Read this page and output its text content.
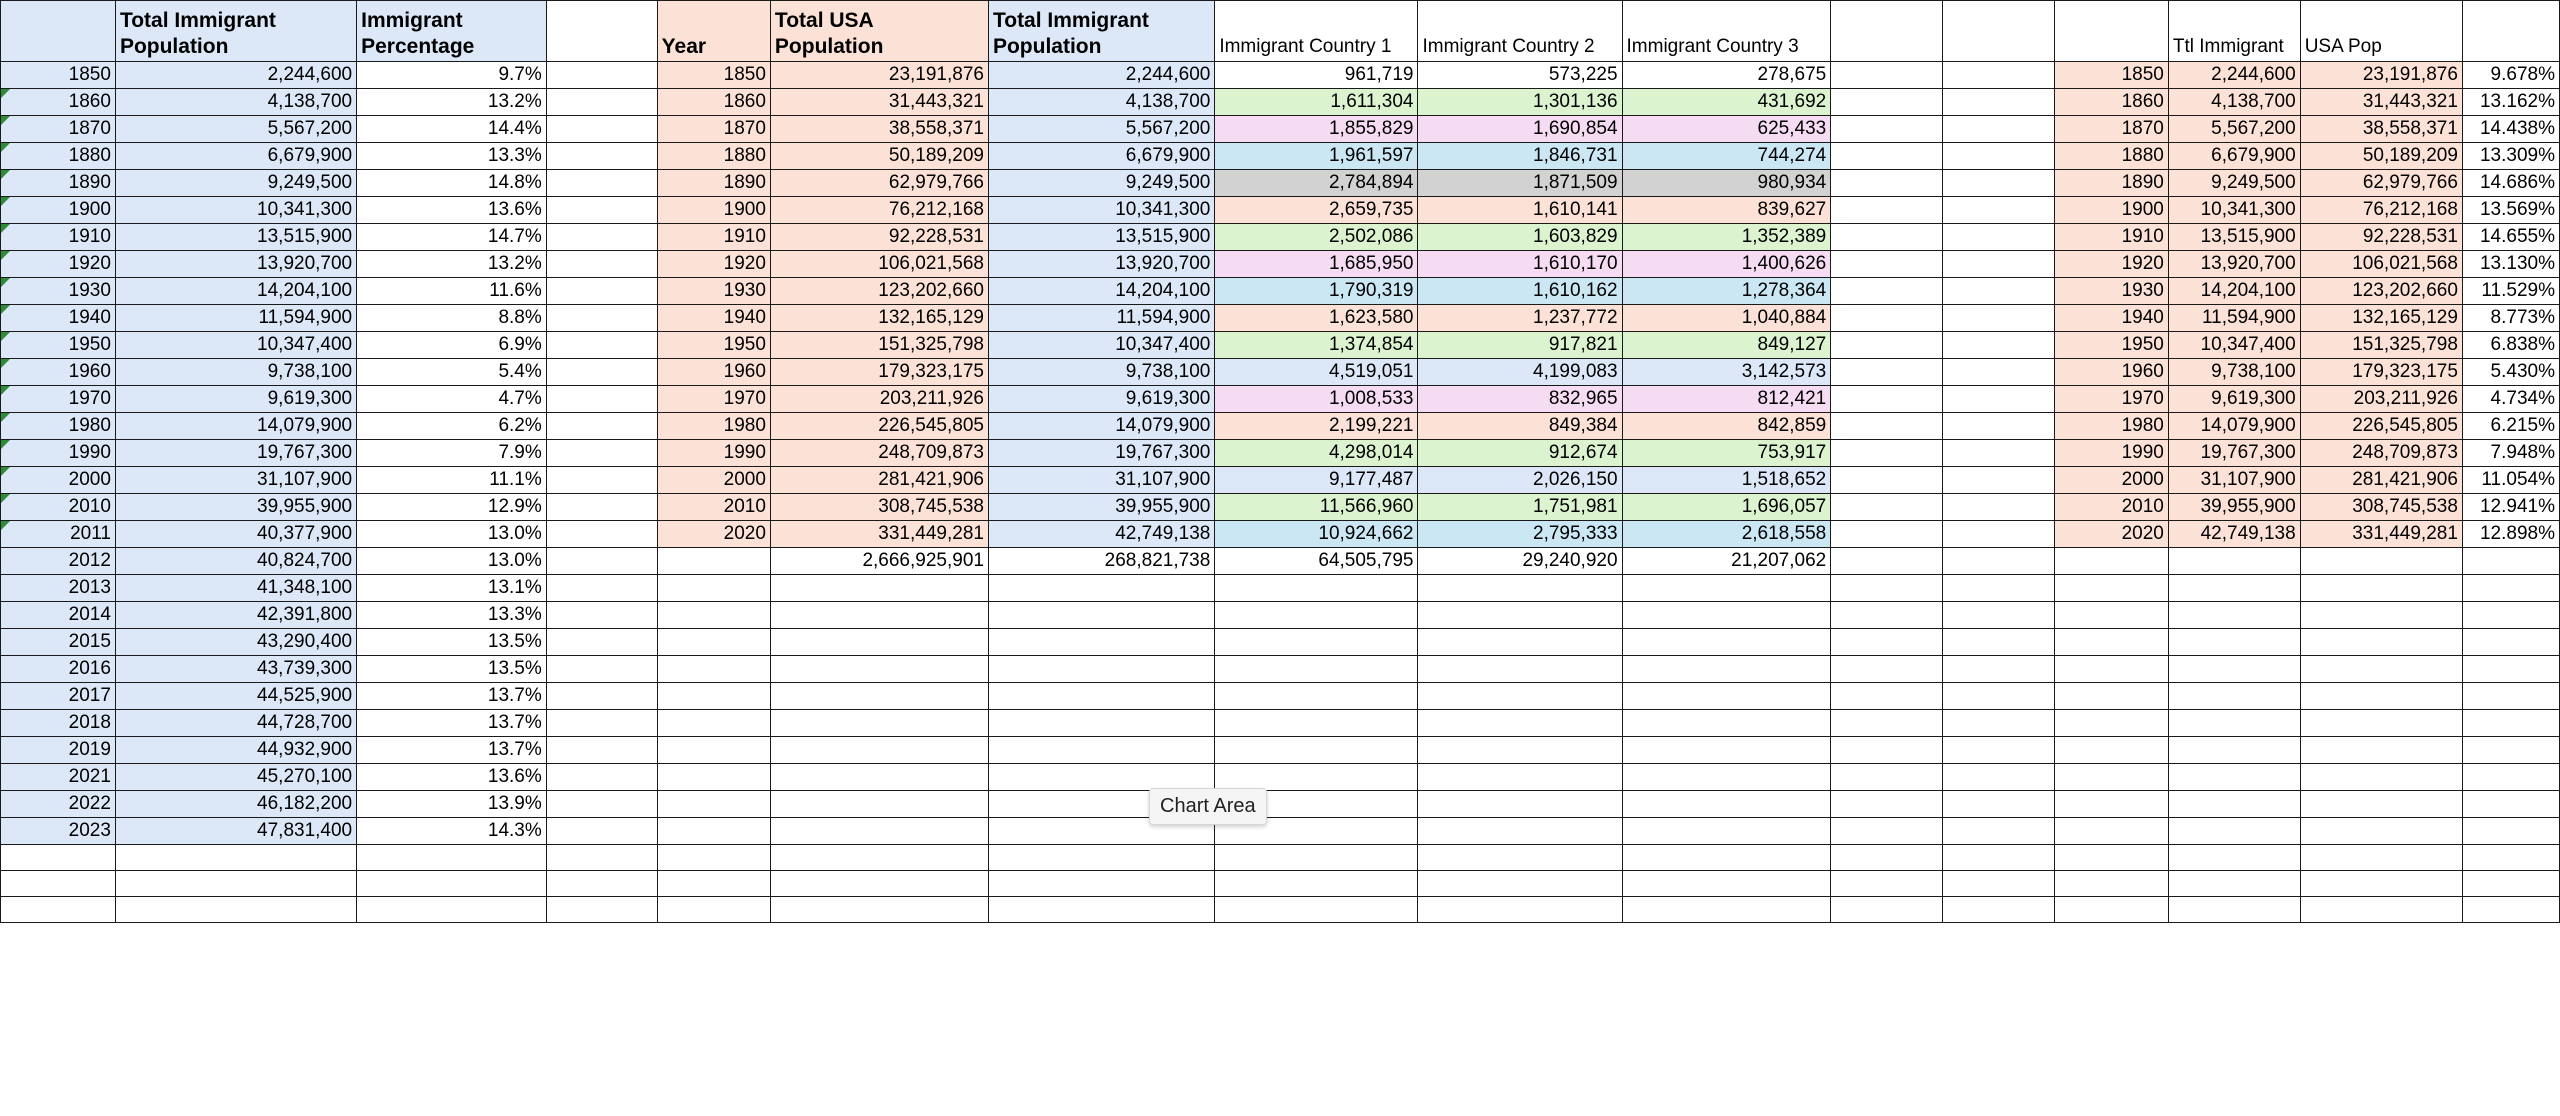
	Total Immigrant Population	Immigrant Percentage		Year	Total USA Population	Total Immigrant Population	Immigrant Country 1	Immigrant Country 2	Immigrant Country 3				Ttl Immigrant	USA Pop	
1850	2,244,600	9.7%		1850	23,191,876	2,244,600	961,719	573,225	278,675			1850	2,244,600	23,191,876	9.678%
1860	4,138,700	13.2%		1860	31,443,321	4,138,700	1,611,304	1,301,136	431,692			1860	4,138,700	31,443,321	13.162%
1870	5,567,200	14.4%		1870	38,558,371	5,567,200	1,855,829	1,690,854	625,433			1870	5,567,200	38,558,371	14.438%
1880	6,679,900	13.3%		1880	50,189,209	6,679,900	1,961,597	1,846,731	744,274			1880	6,679,900	50,189,209	13.309%
1890	9,249,500	14.8%		1890	62,979,766	9,249,500	2,784,894	1,871,509	980,934			1890	9,249,500	62,979,766	14.686%
1900	10,341,300	13.6%		1900	76,212,168	10,341,300	2,659,735	1,610,141	839,627			1900	10,341,300	76,212,168	13.569%
1910	13,515,900	14.7%		1910	92,228,531	13,515,900	2,502,086	1,603,829	1,352,389			1910	13,515,900	92,228,531	14.655%
1920	13,920,700	13.2%		1920	106,021,568	13,920,700	1,685,950	1,610,170	1,400,626			1920	13,920,700	106,021,568	13.130%
1930	14,204,100	11.6%		1930	123,202,660	14,204,100	1,790,319	1,610,162	1,278,364			1930	14,204,100	123,202,660	11.529%
1940	11,594,900	8.8%		1940	132,165,129	11,594,900	1,623,580	1,237,772	1,040,884			1940	11,594,900	132,165,129	8.773%
1950	10,347,400	6.9%		1950	151,325,798	10,347,400	1,374,854	917,821	849,127			1950	10,347,400	151,325,798	6.838%
1960	9,738,100	5.4%		1960	179,323,175	9,738,100	4,519,051	4,199,083	3,142,573			1960	9,738,100	179,323,175	5.430%
1970	9,619,300	4.7%		1970	203,211,926	9,619,300	1,008,533	832,965	812,421			1970	9,619,300	203,211,926	4.734%
1980	14,079,900	6.2%		1980	226,545,805	14,079,900	2,199,221	849,384	842,859			1980	14,079,900	226,545,805	6.215%
1990	19,767,300	7.9%		1990	248,709,873	19,767,300	4,298,014	912,674	753,917			1990	19,767,300	248,709,873	7.948%
2000	31,107,900	11.1%		2000	281,421,906	31,107,900	9,177,487	2,026,150	1,518,652			2000	31,107,900	281,421,906	11.054%
2010	39,955,900	12.9%		2010	308,745,538	39,955,900	11,566,960	1,751,981	1,696,057			2010	39,955,900	308,745,538	12.941%
2011	40,377,900	13.0%		2020	331,449,281	42,749,138	10,924,662	2,795,333	2,618,558			2020	42,749,138	331,449,281	12.898%
2012	40,824,700	13.0%			2,666,925,901	268,821,738	64,505,795	29,240,920	21,207,062						
2013	41,348,100	13.1%													
2014	42,391,800	13.3%													
2015	43,290,400	13.5%													
2016	43,739,300	13.5%													
2017	44,525,900	13.7%													
2018	44,728,700	13.7%													
2019	44,932,900	13.7%													
2021	45,270,100	13.6%													
2022	46,182,200	13.9%													
2023	47,831,400	14.3%													

Chart Area
